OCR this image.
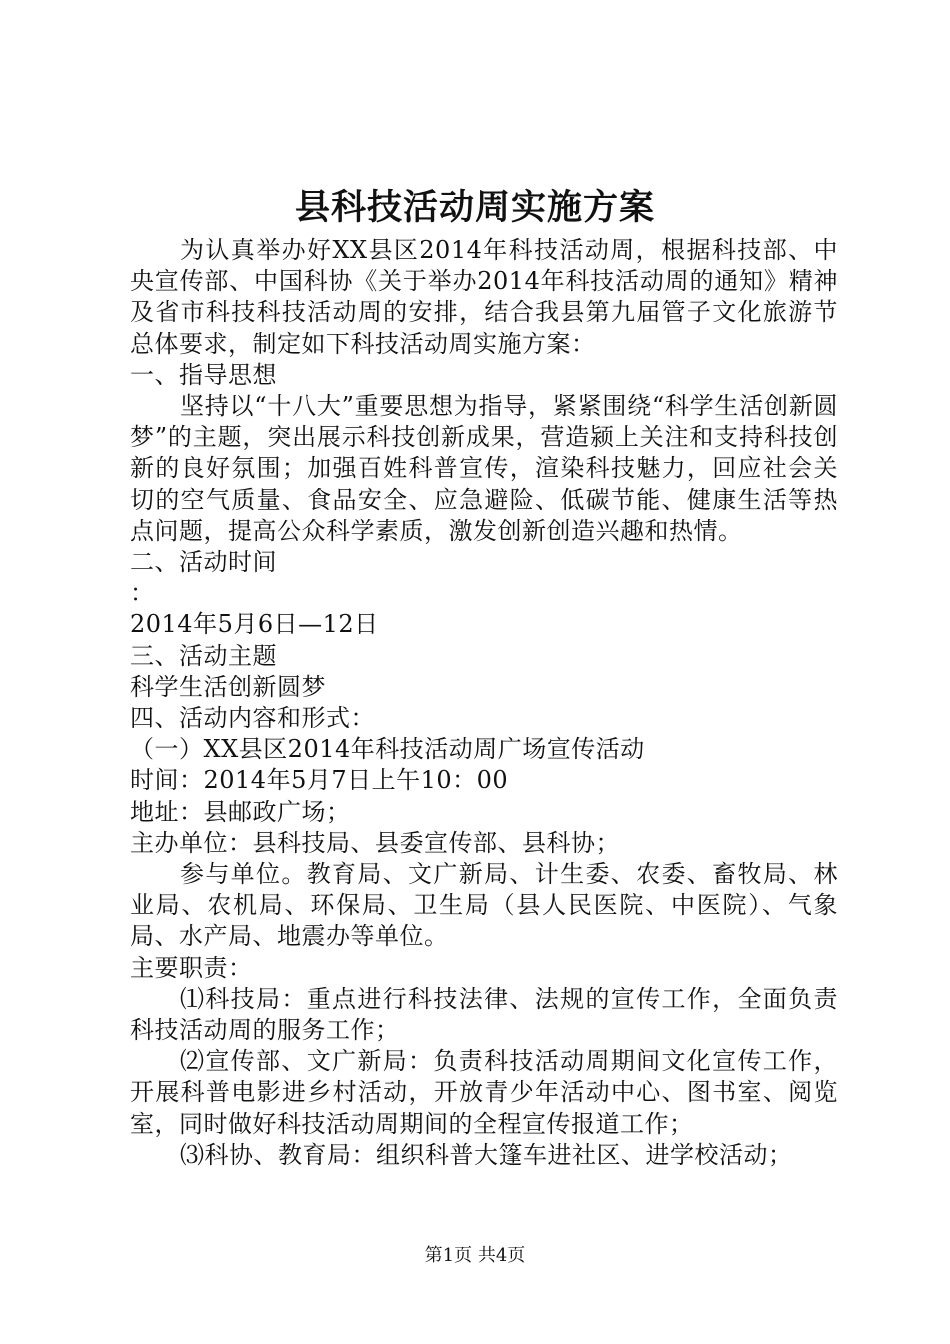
县科技活动周实施方案

为认真举办好XX县区2014年科技活动周，根据科技部、中央宣传部、中国科协《关于举办2014年科技活动周的通知》精神及省市科技科技活动周的安排，结合我县第九届管子文化旅游节总体要求，制定如下科技活动周实施方案：

一、指导思想

坚持以“十八大”重要思想为指导，紧紧围绕“科学生活创新圆梦”的主题，突出展示科技创新成果，营造颍上关注和支持科技创新的良好氛围；加强百姓科普宣传，渲染科技魅力，回应社会关切的空气质量、食品安全、应急避险、低碳节能、健康生活等热点问题，提高公众科学素质，激发创新创造兴趣和热情。

二、活动时间

：

2014年5月6日—12日

三、活动主题

科学生活创新圆梦

四、活动内容和形式：

（一）XX县区2014年科技活动周广场宣传活动

时间：2014年5月7日上午10：00

地址：县邮政广场；

主办单位：县科技局、县委宣传部、县科协；

参与单位。教育局、文广新局、计生委、农委、畜牧局、林业局、农机局、环保局、卫生局（县人民医院、中医院）、气象局、水产局、地震办等单位。

主要职责：

⑴科技局：重点进行科技法律、法规的宣传工作，全面负责科技活动周的服务工作；

⑵宣传部、文广新局：负责科技活动周期间文化宣传工作，开展科普电影进乡村活动，开放青少年活动中心、图书室、阅览室，同时做好科技活动周期间的全程宣传报道工作；

⑶科协、教育局：组织科普大篷车进社区、进学校活动；

第1页 共4页
